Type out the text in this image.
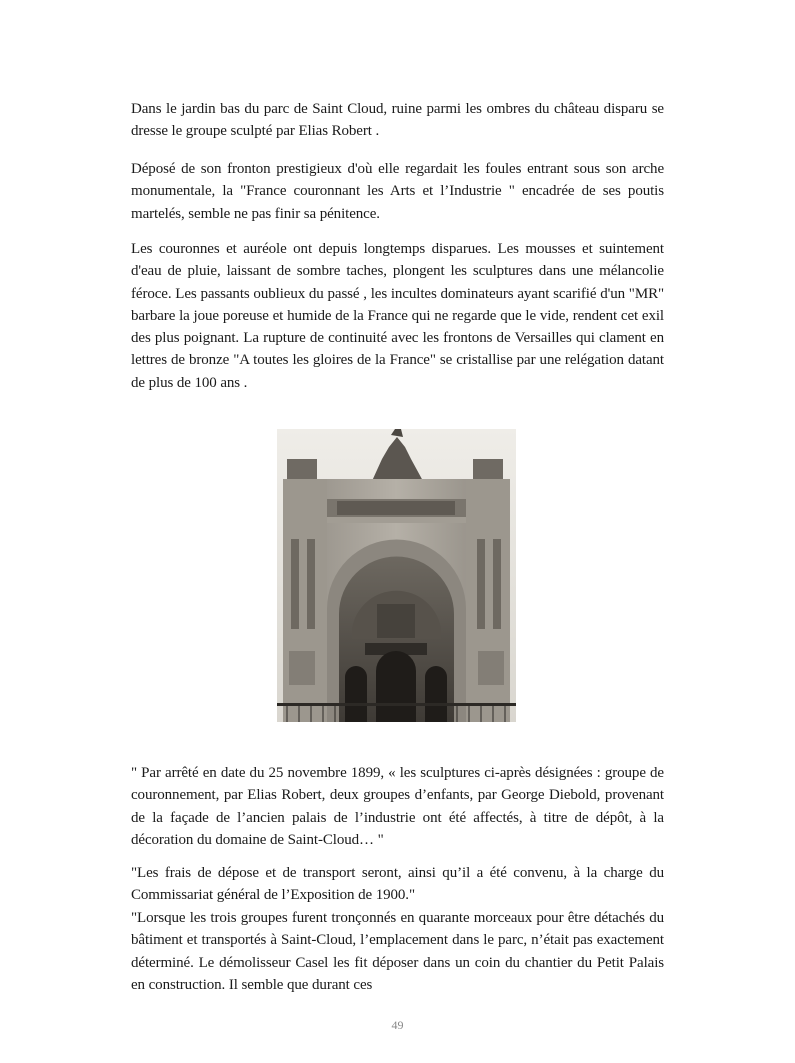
Dans le jardin bas du parc de Saint Cloud, ruine parmi les ombres du château disparu se dresse le groupe sculpté par Elias Robert .

Déposé de son fronton prestigieux d'où elle regardait les foules entrant sous son arche monumentale, la "France couronnant les Arts et l’Industrie " encadrée de ses poutis martelés, semble ne pas finir sa pénitence.

Les couronnes et auréole ont depuis longtemps disparues. Les mousses et suintement d'eau de pluie, laissant de sombre taches, plongent les sculptures dans une mélancolie féroce. Les passants oublieux du passé , les incultes dominateurs ayant scarifié d'un "MR" barbare la joue poreuse et humide de la France qui ne regarde que le vide, rendent cet exil des plus poignant. La rupture de continuité avec les frontons de Versailles qui clament en lettres de bronze "A toutes les gloires de la France" se cristallise par une relégation datant de plus de 100 ans .

" Par arrêté en date du 25 novembre 1899, « les sculptures ci-après désignées : groupe de couronnement, par Elias Robert, deux groupes d’enfants, par George Diebold, provenant de la façade de l’ancien palais de l’industrie ont été affectés, à titre de dépôt, à la décoration du domaine de Saint-Cloud… "

"Les frais de dépose et de transport seront, ainsi qu’il a été convenu, à la charge du Commissariat général de l’Exposition de 1900."

"Lorsque les trois groupes furent tronçonnés en quarante morceaux pour être détachés du bâtiment et transportés à Saint-Cloud, l’emplacement dans le parc, n’était pas exactement déterminé. Le démolisseur Casel les fit déposer dans un coin du chantier du Petit Palais en construction. Il semble que durant ces

49
